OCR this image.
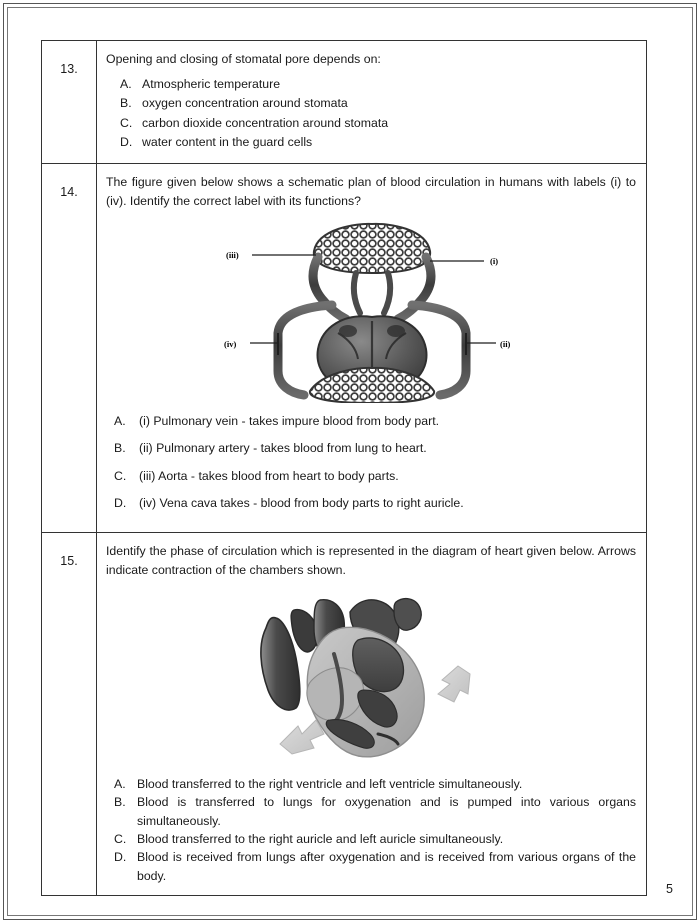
13.	

Opening and closing of stomatal pore depends on:

A. Atmospheric temperature
B. oxygen concentration around stomata
C. carbon dioxide concentration around stomata
D. water content in the guard cells

14.	

The figure given below shows a schematic plan of blood circulation in humans with labels (i) to (iv). Identify the correct label with its functions?

(iii)
(i)
(iv)	(ii)
A.	(i) Pulmonary vein - takes impure blood from body part.
B.	(ii) Pulmonary artery - takes blood from lung to heart.
C.	(iii) Aorta - takes blood from heart to body parts.
D.	(iv) Vena cava takes - blood from body parts to right auricle.

15.	

Identify the phase of circulation which is represented in the diagram of heart given below. Arrows indicate contraction of the chambers shown.

A. Blood transferred to the right ventricle and left ventricle simultaneously.
B. Blood is transferred to lungs for oxygenation and is pumped into various organs simultaneously.
C. Blood transferred to the right auricle and left auricle simultaneously.
D. Blood is received from lungs after oxygenation and is received from various organs of the body.
5
